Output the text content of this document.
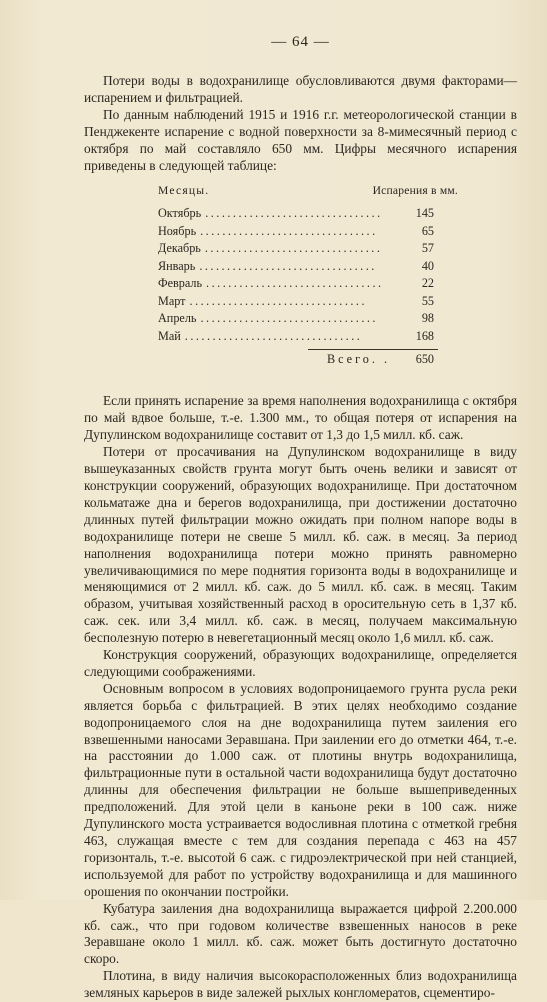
— 64 —

Потери воды в водохранилище обусловливаются двумя факторами— испарением и фильтрацией.

По данным наблюдений 1915 и 1916 г.г. метеорологической станции в Пенджекенте испарение с водной поверхности за 8-мимесячный период с октября по май составляло 650 мм. Цифры месячного испарения приведены в следующей таблице:

Месяцы.	Испарения в мм.
Октябрь ................................	145
Ноябрь ................................	65
Декабрь ................................	57
Январь ................................	40
Февраль ................................	22
Март ................................	55
Апрель ................................	98
Май ................................	168
Всего. .	650

Если принять испарение за время наполнения водохранилища с октября по май вдвое больше, т.-е. 1.300 мм., то общая потеря от испарения на Дупулинском водохранилище составит от 1,3 до 1,5 милл. кб. саж.

Потери от просачивания на Дупулинском водохранилище в виду вышеуказанных свойств грунта могут быть очень велики и зависят от конструкции сооружений, образующих водохранилище. При достаточном кольматаже дна и берегов водохранилища, при достижении достаточно длинных путей фильтрации можно ожидать при полном напоре воды в водохранилище потери не свеше 5 милл. кб. саж. в месяц. За период наполнения водохранилища потери можно принять равномерно увеличивающимися по мере поднятия горизонта воды в водохранилище и меняющимися от 2 милл. кб. саж. до 5 милл. кб. саж. в месяц. Таким образом, учитывая хозяйственный расход в оросительную сеть в 1,37 кб. саж. сек. или 3,4 милл. кб. саж. в месяц, получаем максимальную бесполезную потерю в невегетационный месяц около 1,6 милл. кб. саж.

Конструкция сооружений, образующих водохранилище, определяется следующими соображениями.

Основным вопросом в условиях водопроницаемого грунта русла реки является борьба с фильтрацией. В этих целях необходимо создание водопроницаемого слоя на дне водохранилища путем заиления его взвешенными наносами Зеравшана. При заилении его до отметки 464, т.-е. на расстоянии до 1.000 саж. от плотины внутрь водохранилища, фильтрационные пути в остальной части водохранилища будут достаточно длинны для обеспечения фильтрации не больше вышеприведенных предположений. Для этой цели в каньоне реки в 100 саж. ниже Дупулинского моста устраивается водосливная плотина с отметкой гребня 463, служащая вместе с тем для создания перепада с 463 на 457 горизонталь, т.-е. высотой 6 саж. с гидроэлектрической при ней станцией, используемой для работ по устройству водохранилища и для машинного орошения по окончании постройки.

Кубатура заиления дна водохранилища выражается цифрой 2.200.000 кб. саж., что при годовом количестве взвешенных наносов в реке Зеравшане около 1 милл. кб. саж. может быть достигнуто достаточно скоро.

Плотина, в виду наличия высокорасположенных близ водохранилища земляных карьеров в виде залежей рыхлых конгломератов, сцементиро-
